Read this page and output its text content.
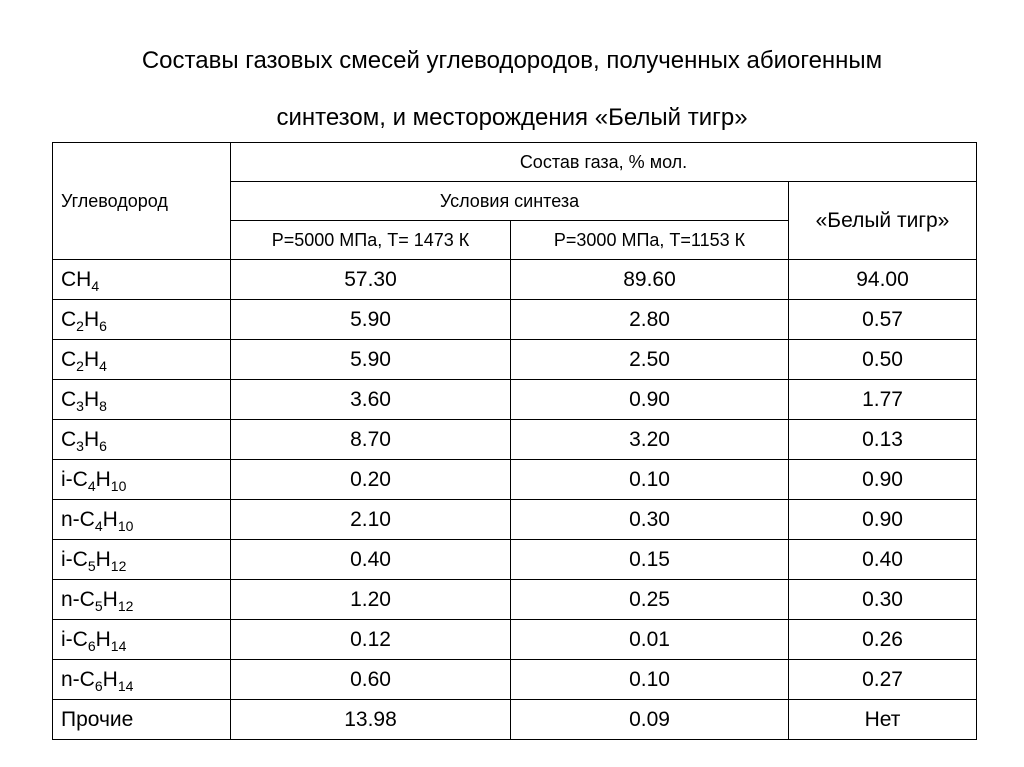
Составы газовых смесей углеводородов, полученных абиогенным
синтезом, и месторождения «Белый тигр»
Углеводород	Состав газа, % мол.		
	Условия синтеза		«Белый тигр»
	Р=5000 МПа, Т= 1473 К	Р=3000 МПа, Т=1153 К	
$CH_4$	57.30	89.60	94.00
$C_2H_6$	5.90	2.80	0.57
$C_2H_4$	5.90	2.50	0.50
$C_3H_8$	3.60	0.90	1.77
$C_3H_6$	8.70	3.20	0.13
$i-C_4H_{10}$	0.20	0.10	0.90
$n-C_4H_{10}$	2.10	0.30	0.90
$i-C_5H_{12}$	0.40	0.15	0.40
$n-C_5H_{12}$	1.20	0.25	0.30
$i-C_6H_{14}$	0.12	0.01	0.26
$n-C_6H_{14}$	0.60	0.10	0.27
Прочие	13.98	0.09	Нет
